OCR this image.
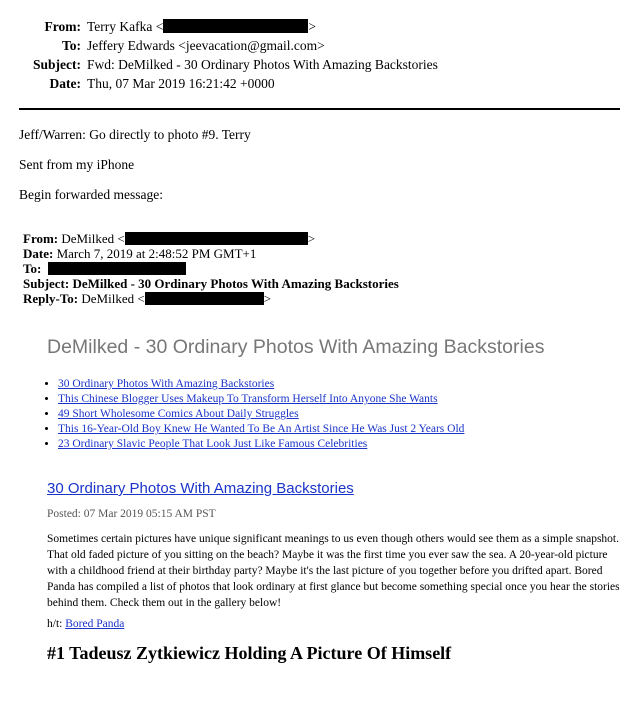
From: Terry Kafka <	>
To: Jeffery Edwards <jeevacation@gmail.com>
Subject: Fwd: DeMilked - 30 Ordinary Photos With Amazing Backstories
Date: Thu, 07 Mar 2019 16:21:42 +0000
Jeff/Warren: Go directly to photo #9. Terry
Sent from my iPhone
Begin forwarded message:
From: DeMilked <	>
Date: March 7, 2019 at 2:48:52 PM GMT+1
To:
Subject: DeMilked - 30 Ordinary Photos With Amazing Backstories
Reply-To: DeMilked <	>
DeMilked - 30 Ordinary Photos With Amazing Backstories
• 30 Ordinary Photos With Amazing Backstories
• This Chinese Blogger Uses Makeup To Transform Herself Into Anyone She Wants
• 49 Short Wholesome Comics About Daily Struggles
• This 16-Year-Old Boy Knew He Wanted To Be An Artist Since He Was Just 2 Years Old
• 23 Ordinary Slavic People That Look Just Like Famous Celebrities
30 Ordinary Photos With Amazing Backstories
Posted: 07 Mar 2019 05:15 AM PST
Sometimes certain pictures have unique significant meanings to us even though others would see them as a simple snapshot. That old faded picture of you sitting on the beach? Maybe it was the first time you ever saw the sea. A 20-year-old picture with a childhood friend at their birthday party? Maybe it's the last picture of you together before you drifted apart. Bored Panda has compiled a list of photos that look ordinary at first glance but become something special once you hear the stories behind them. Check them out in the gallery below!
h/t: Bored Panda
#1 Tadeusz Zytkiewicz Holding A Picture Of Himself
